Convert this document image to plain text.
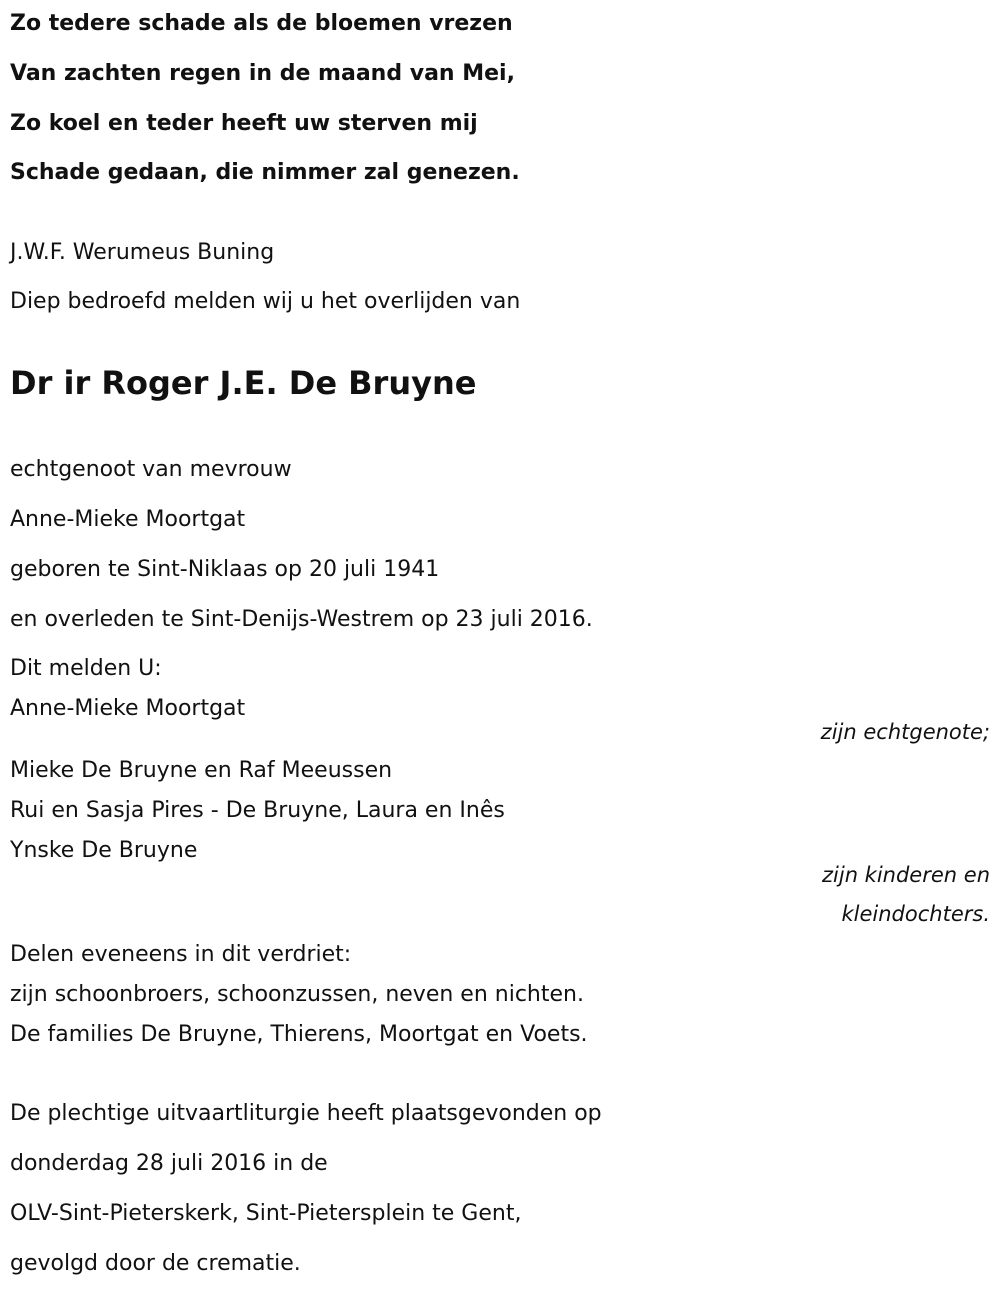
Zo tedere schade als de bloemen vrezen
Van zachten regen in de maand van Mei,
Zo koel en teder heeft uw sterven mij
Schade gedaan, die nimmer zal genezen.
J.W.F. Werumeus Buning
Diep bedroefd melden wij u het overlijden van
Dr ir Roger J.E. De Bruyne
echtgenoot van mevrouw
Anne-Mieke Moortgat
geboren te Sint-Niklaas op 20 juli 1941
en overleden te Sint-Denijs-Westrem op 23 juli 2016.
Dit melden U:
Anne-Mieke Moortgat
zijn echtgenote;
Mieke De Bruyne en Raf Meeussen
Rui en Sasja Pires - De Bruyne, Laura en Inês
Ynske De Bruyne
zijn kinderen en
kleindochters.
Delen eveneens in dit verdriet:
zijn schoonbroers, schoonzussen, neven en nichten.
De families De Bruyne, Thierens, Moortgat en Voets.
De plechtige uitvaartliturgie heeft plaatsgevonden op
donderdag 28 juli 2016 in de
OLV-Sint-Pieterskerk, Sint-Pietersplein te Gent,
gevolgd door de crematie.
